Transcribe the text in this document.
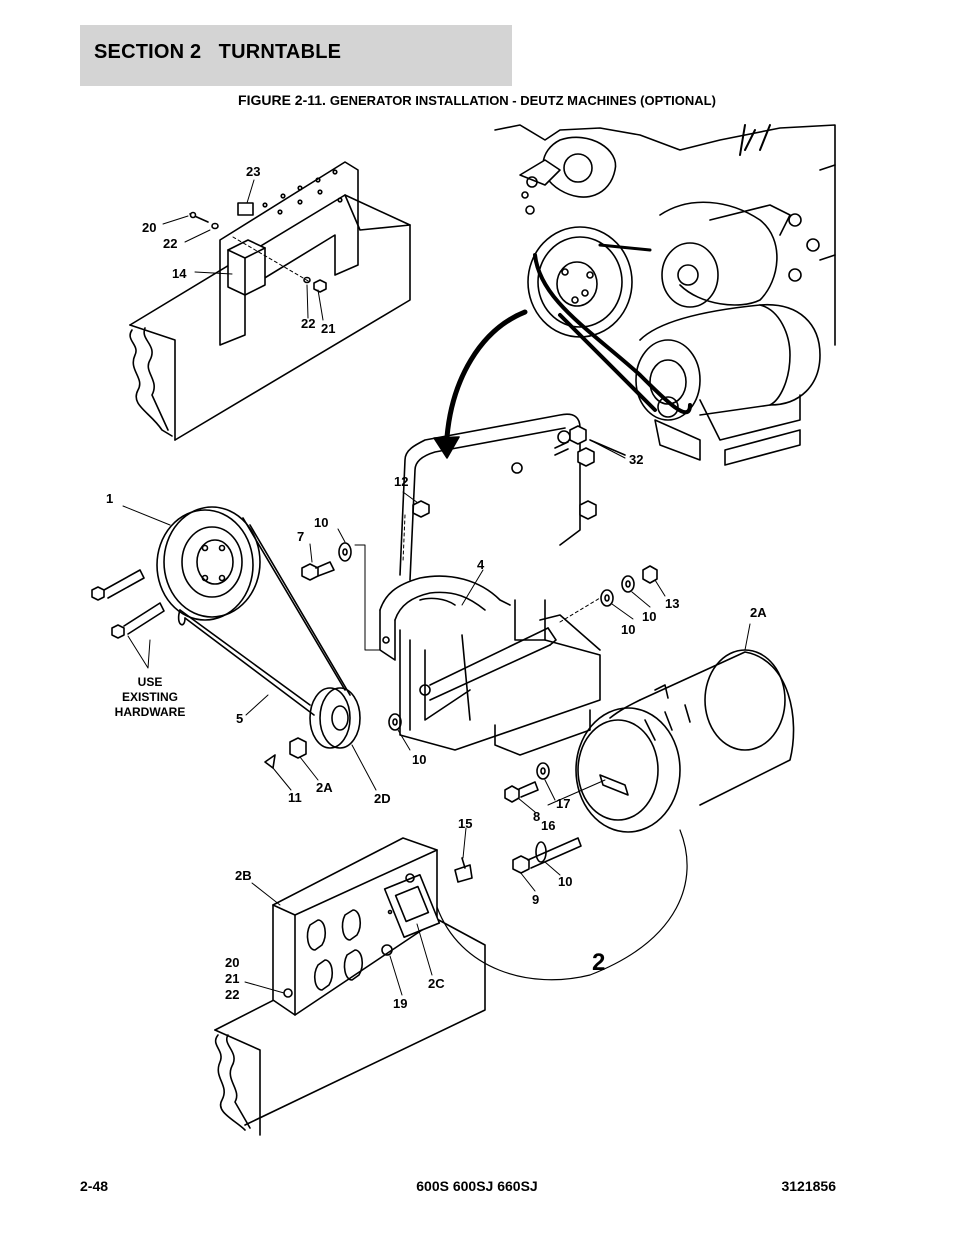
SECTION 2   TURNTABLE
FIGURE 2-11. GENERATOR INSTALLATION - DEUTZ MACHINES (OPTIONAL)
23
20
22
14
22 21
32
12
1
10
7
4
13
10
10
2A
5
10
11
2A
2D	17
8
16
15
2B
9
10
20
21
22
19
2C
2
USE
EXISTING
HARDWARE
2-48	600S 600SJ 660SJ	3121856
